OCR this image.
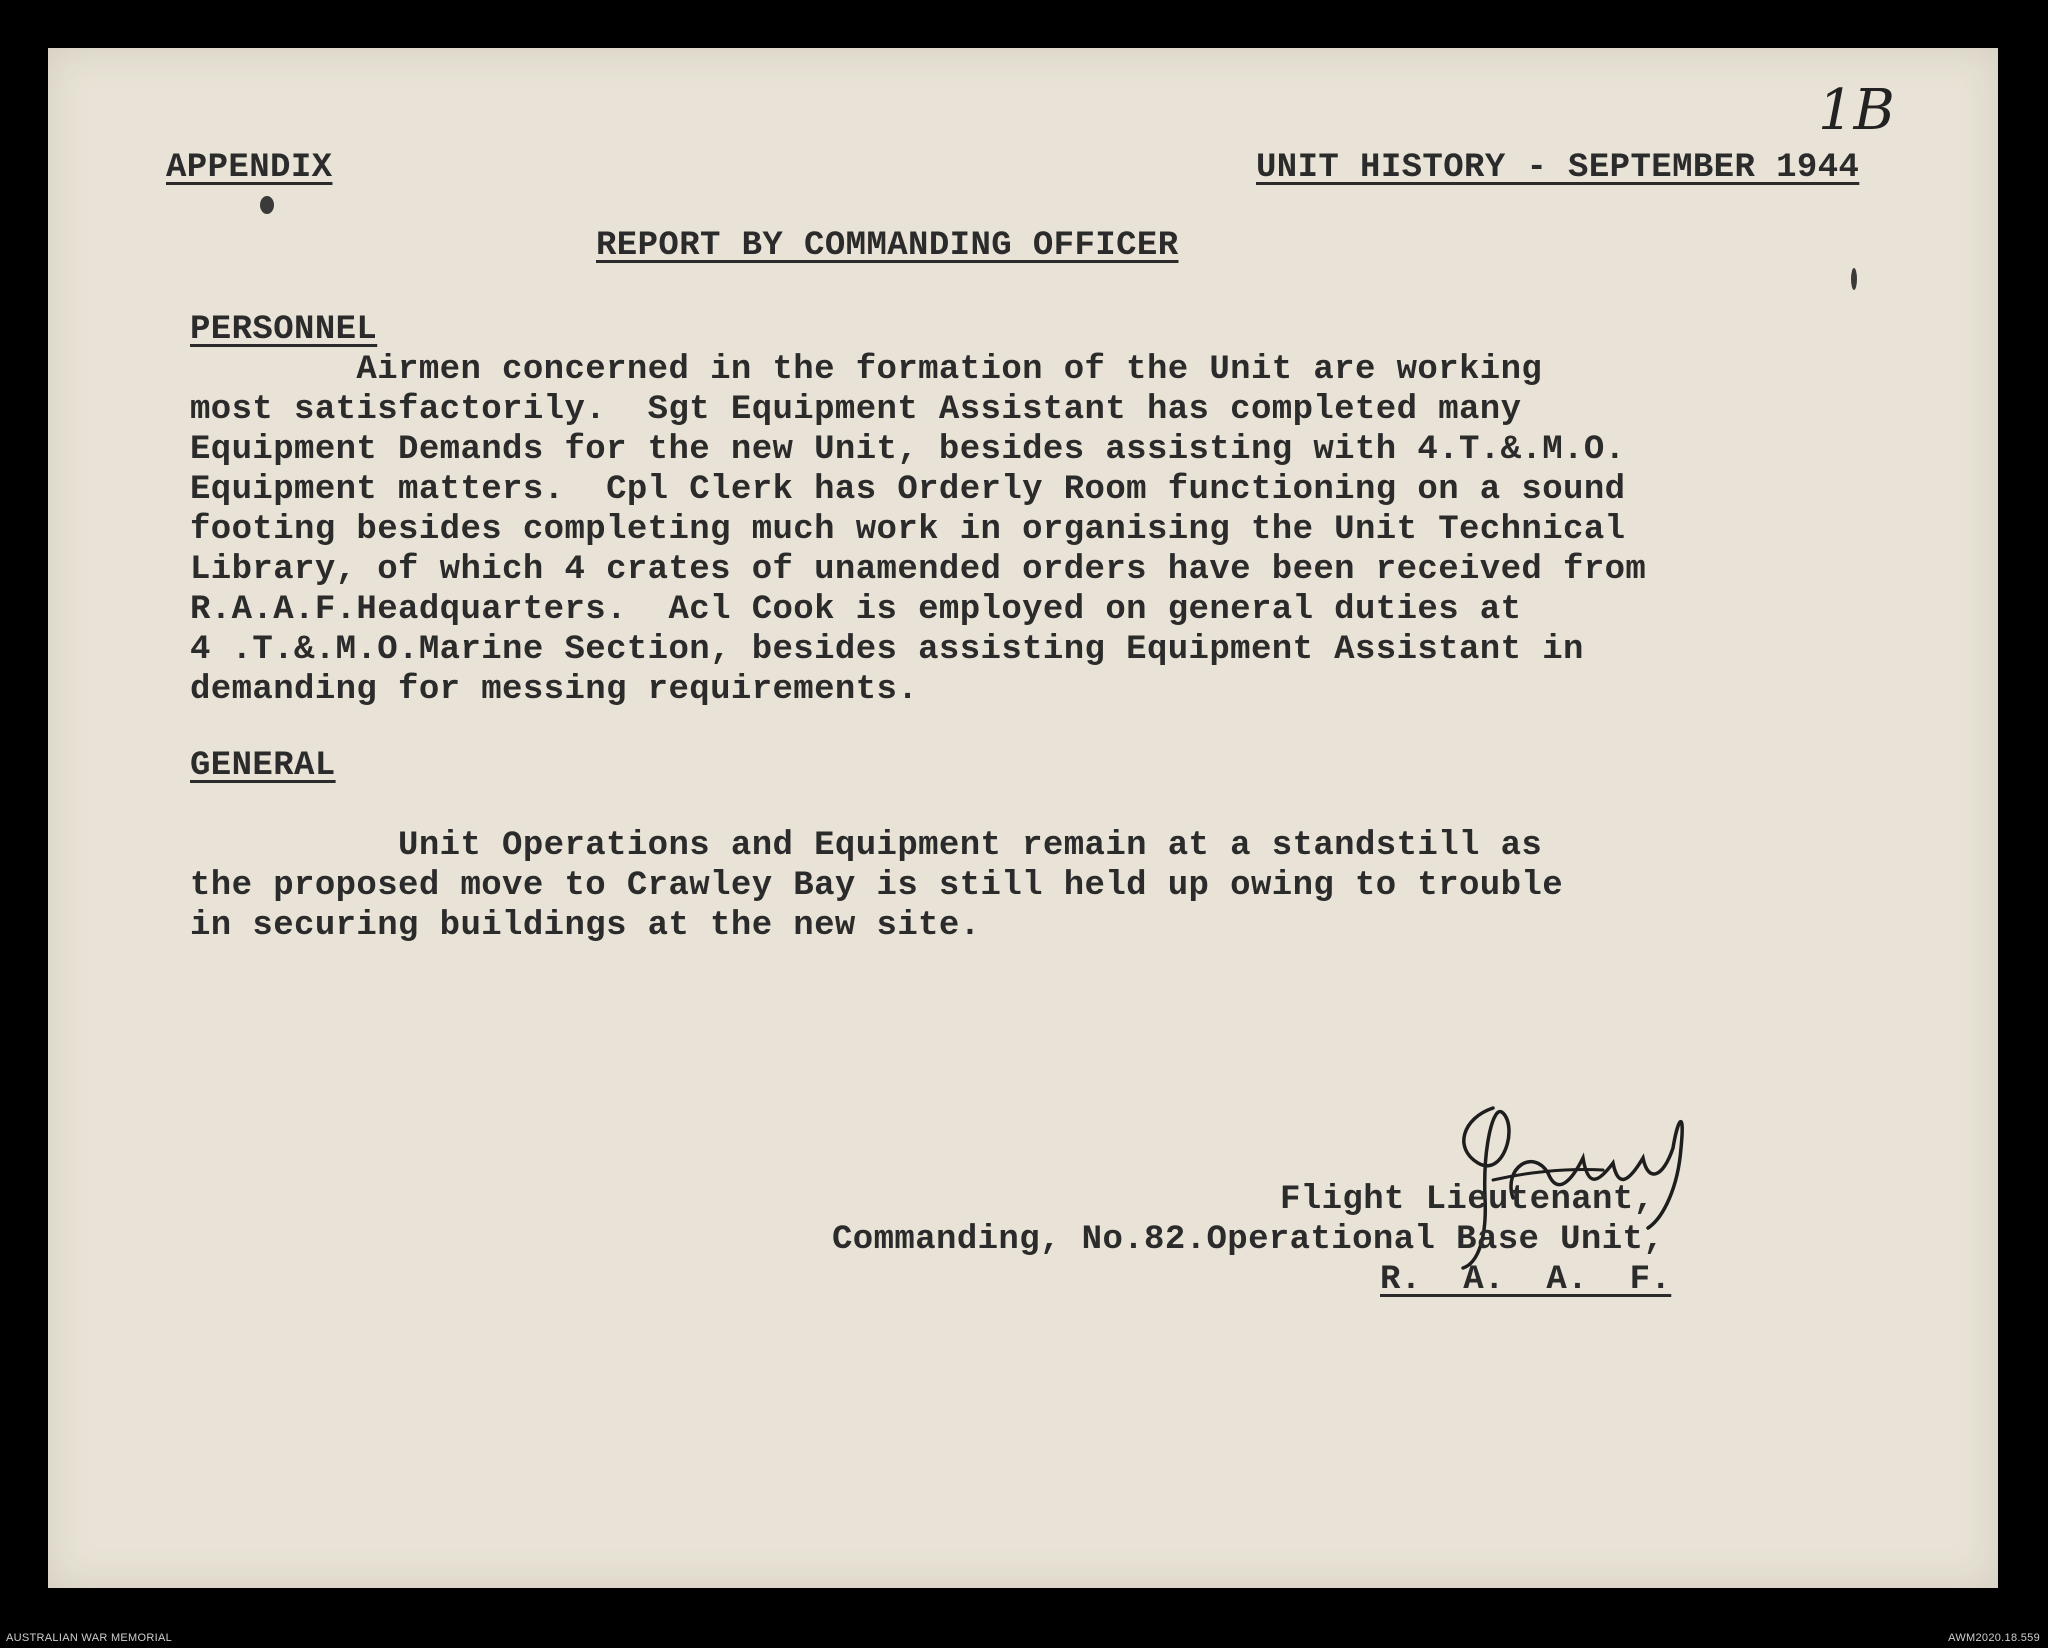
1B
APPENDIX	UNIT HISTORY - SEPTEMBER 1944
REPORT BY COMMANDING OFFICER
PERSONNEL
Airmen concerned in the formation of the Unit are working
most satisfactorily.  Sgt Equipment Assistant has completed many
Equipment Demands for the new Unit, besides assisting with 4.T.&.M.O.
Equipment matters.  Cpl Clerk has Orderly Room functioning on a sound
footing besides completing much work in organising the Unit Technical
Library, of which 4 crates of unamended orders have been received from
R.A.A.F.Headquarters.  Acl Cook is employed on general duties at
4 .T.&.M.O.Marine Section, besides assisting Equipment Assistant in
demanding for messing requirements.
GENERAL
Unit Operations and Equipment remain at a standstill as
the proposed move to Crawley Bay is still held up owing to trouble
in securing buildings at the new site.
Flight Lieutenant,
Commanding, No.82.Operational Base Unit,
R.  A.  A.  F.
AUSTRALIAN WAR MEMORIAL	AWM2020.18.559
